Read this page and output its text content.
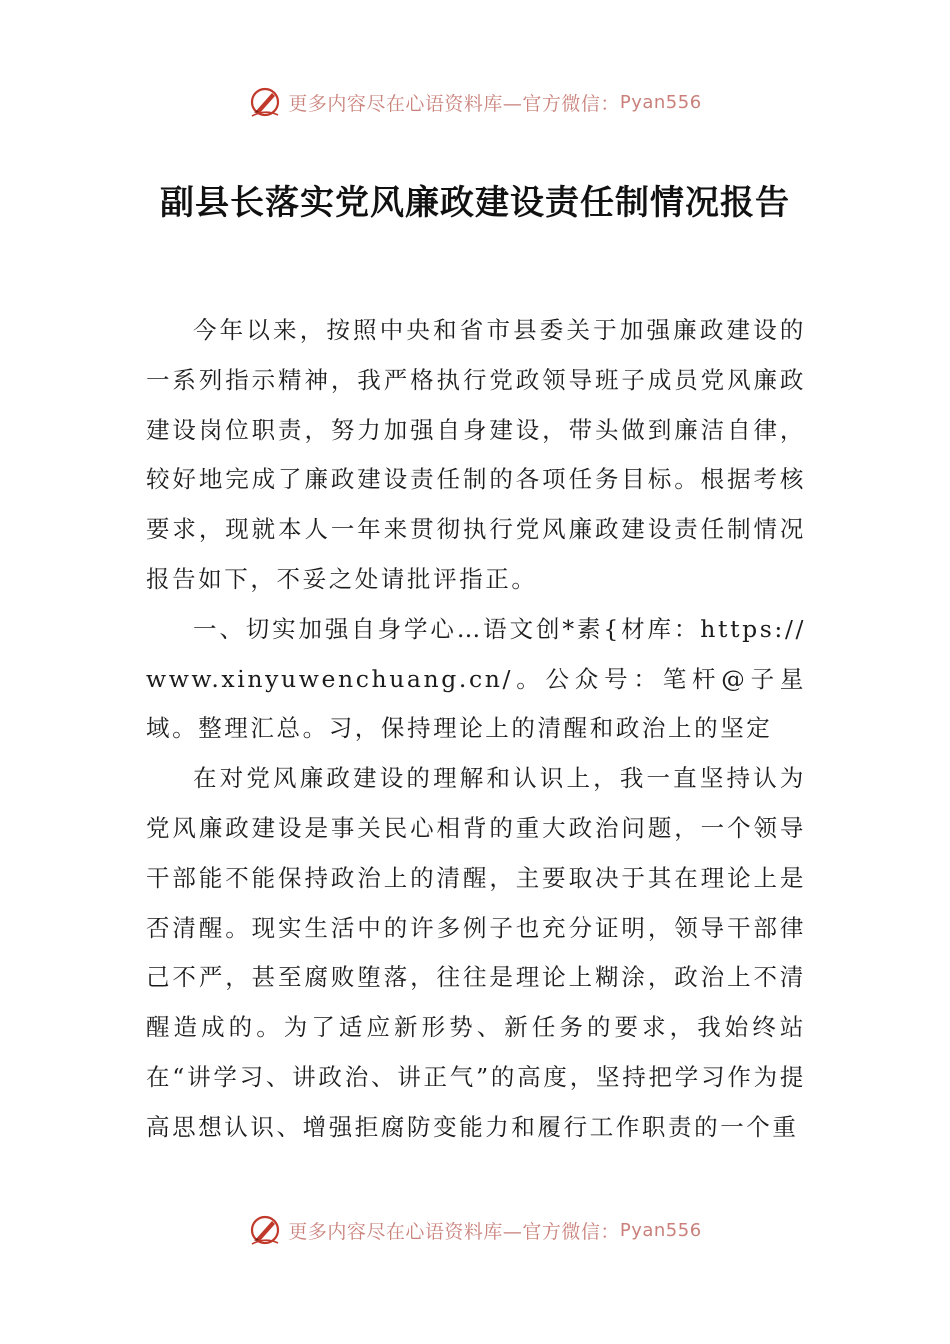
更多内容尽在心语资料库—官方微信： Pyan556
副县长落实党风廉政建设责任制情况报告

今年以来，按照中央和省市县委关于加强廉政建设的一系列指示精神，我严格执行党政领导班子成员党风廉政建设岗位职责，努力加强自身建设，带头做到廉洁自律，较好地完成了廉政建设责任制的各项任务目标。根据考核要求，现就本人一年来贯彻执行党风廉政建设责任制情况报告如下，不妥之处请批评指正。

一、切实加强自身学心…语文创*素{材库：https://www.xinyuwenchuang.cn/。公众号：笔杆@子星域。整理汇总。习，保持理论上的清醒和政治上的坚定

在对党风廉政建设的理解和认识上，我一直坚持认为党风廉政建设是事关民心相背的重大政治问题，一个领导干部能不能保持政治上的清醒，主要取决于其在理论上是否清醒。现实生活中的许多例子也充分证明，领导干部律己不严，甚至腐败堕落，往往是理论上糊涂，政治上不清醒造成的。为了适应新形势、新任务的要求，我始终站在“讲学习、讲政治、讲正气”的高度，坚持把学习作为提高思想认识、增强拒腐防变能力和履行工作职责的一个重

更多内容尽在心语资料库—官方微信： Pyan556
